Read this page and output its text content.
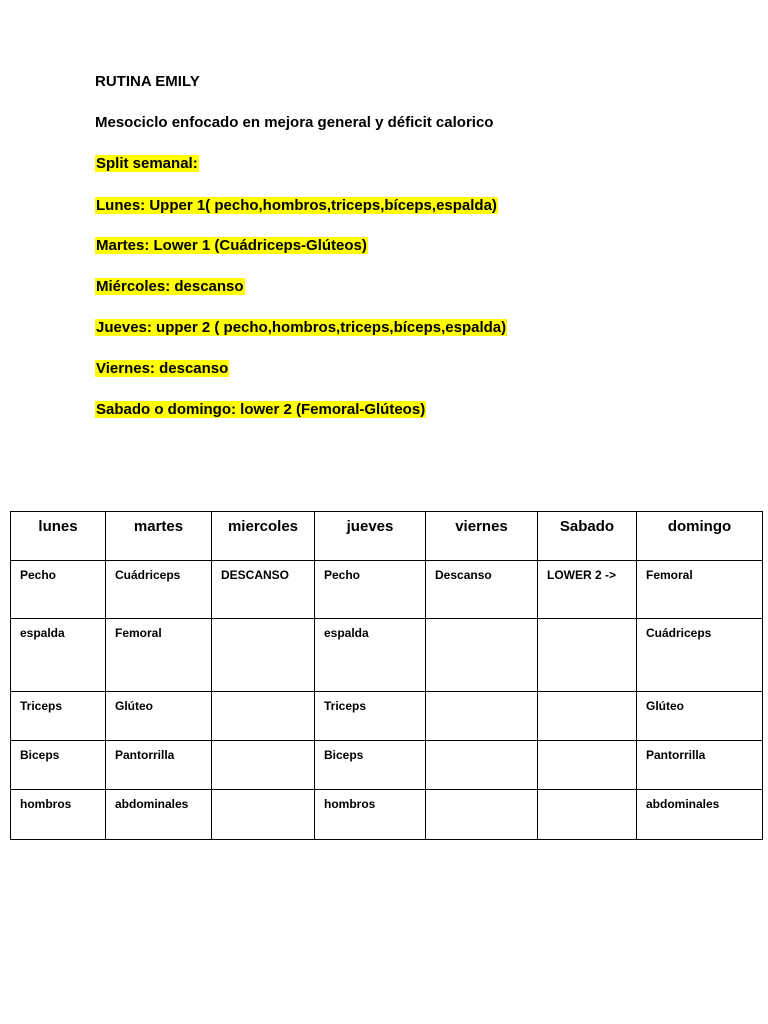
RUTINA EMILY
Mesociclo enfocado en mejora general y déficit calorico
Split semanal:
Lunes: Upper 1( pecho,hombros,triceps,bíceps,espalda)
Martes: Lower 1 (Cuádriceps-Glúteos)
Miércoles: descanso
Jueves: upper 2 ( pecho,hombros,triceps,bíceps,espalda)
Viernes: descanso
Sabado o domingo: lower 2 (Femoral-Glúteos)
lunes	martes	miercoles	jueves	viernes	Sabado	domingo
Pecho	Cuádriceps	DESCANSO	Pecho	Descanso	LOWER 2 ->	Femoral
espalda	Femoral		espalda			Cuádriceps
Triceps	Glúteo		Triceps			Glúteo
Biceps	Pantorrilla		Biceps			Pantorrilla
hombros	abdominales		hombros			abdominales
